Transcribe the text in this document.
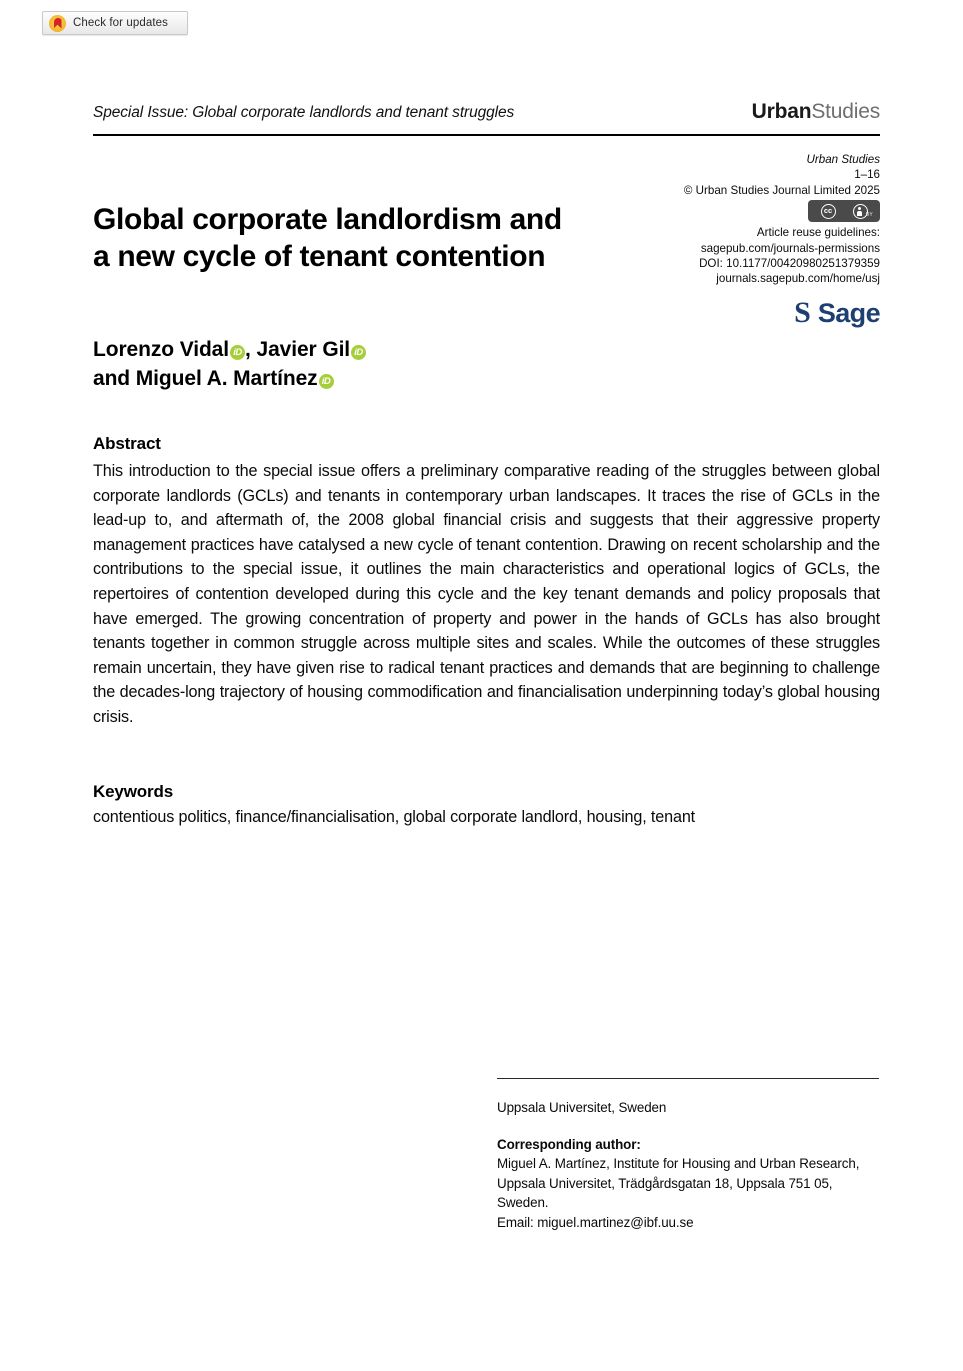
Check for updates
Special Issue: Global corporate landlords and tenant struggles	UrbanStudies
Global corporate landlordism and a new cycle of tenant contention
Lorenzo Vidal iD , Javier Gil iD
and Miguel A. Martínez iD
Urban Studies
1–16
© Urban Studies Journal Limited 2025
cc	BY
Article reuse guidelines:
sagepub.com/journals-permissions
DOI: 10.1177/00420980251379359
journals.sagepub.com/home/usj
S Sage
Abstract

This introduction to the special issue offers a preliminary comparative reading of the struggles between global corporate landlords (GCLs) and tenants in contemporary urban landscapes. It traces the rise of GCLs in the lead-up to, and aftermath of, the 2008 global financial crisis and suggests that their aggressive property management practices have catalysed a new cycle of tenant contention. Drawing on recent scholarship and the contributions to the special issue, it outlines the main characteristics and operational logics of GCLs, the repertoires of contention developed during this cycle and the key tenant demands and policy proposals that have emerged. The growing concentration of property and power in the hands of GCLs has also brought tenants together in common struggle across multiple sites and scales. While the outcomes of these struggles remain uncertain, they have given rise to radical tenant practices and demands that are beginning to challenge the decades-long trajectory of housing commodification and financialisation underpinning today’s global housing crisis.

Keywords

contentious politics, finance/financialisation, global corporate landlord, housing, tenant

Uppsala Universitet, Sweden
Corresponding author:
Miguel A. Martínez, Institute for Housing and Urban Research, Uppsala Universitet, Trädgårdsgatan 18, Uppsala 751 05, Sweden.
Email: miguel.martinez@ibf.uu.se
